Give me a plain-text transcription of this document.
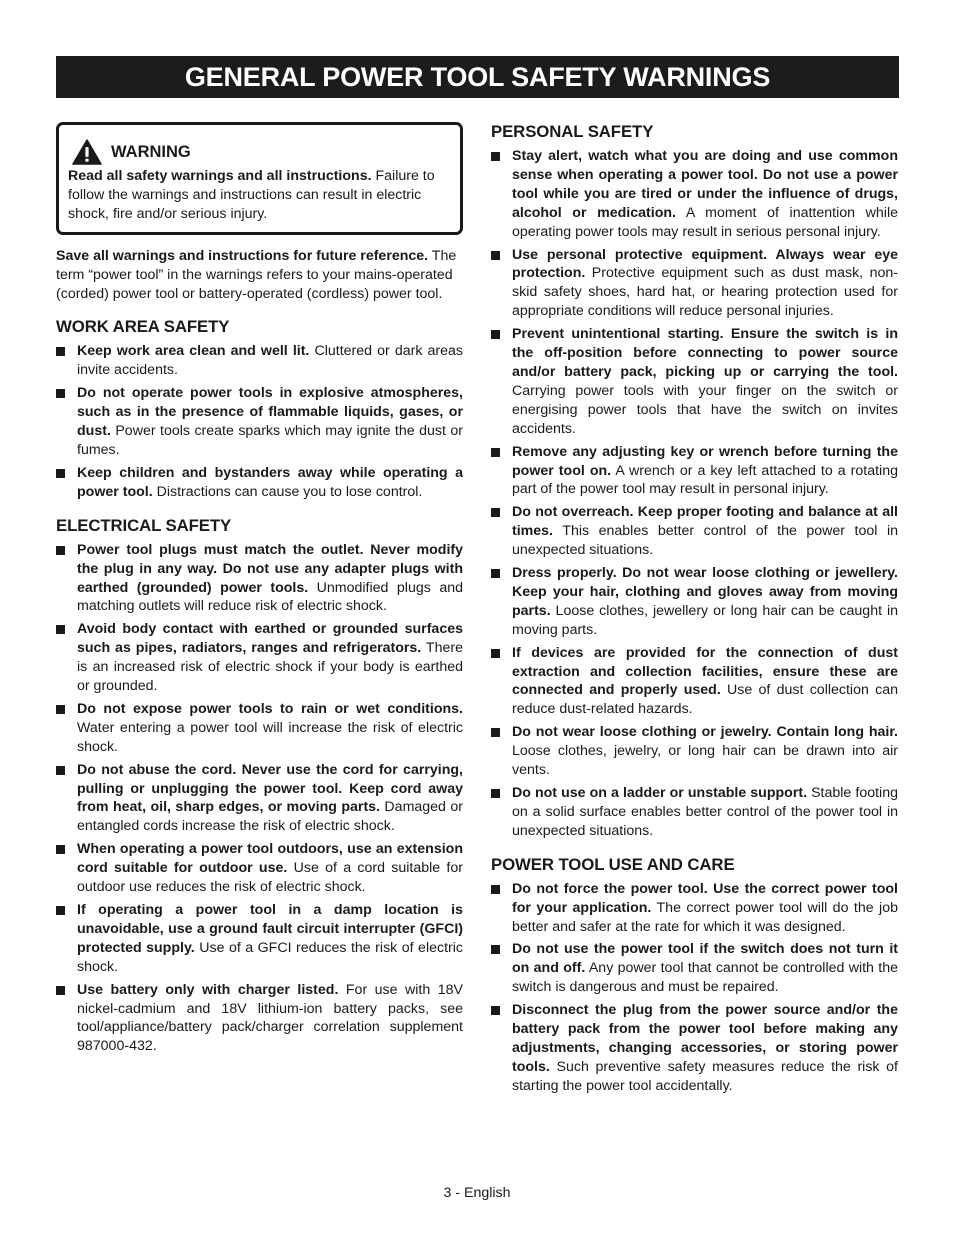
GENERAL POWER TOOL SAFETY WARNINGS
WARNING

Read all safety warnings and all instructions. Failure to follow the warnings and instructions can result in electric shock, fire and/or serious injury.

Save all warnings and instructions for future reference. The term “power tool” in the warnings refers to your mains-operated (corded) power tool or battery-operated (cordless) power tool.

WORK AREA SAFETY
Keep work area clean and well lit. Cluttered or dark areas invite accidents.
Do not operate power tools in explosive atmospheres, such as in the presence of flammable liquids, gases, or dust. Power tools create sparks which may ignite the dust or fumes.
Keep children and bystanders away while operating a power tool. Distractions can cause you to lose control.
ELECTRICAL SAFETY
Power tool plugs must match the outlet. Never modify the plug in any way. Do not use any adapter plugs with earthed (grounded) power tools. Unmodified plugs and matching outlets will reduce risk of electric shock.
Avoid body contact with earthed or grounded surfaces such as pipes, radiators, ranges and refrigerators. There is an increased risk of electric shock if your body is earthed or grounded.
Do not expose power tools to rain or wet conditions. Water entering a power tool will increase the risk of electric shock.
Do not abuse the cord. Never use the cord for carrying, pulling or unplugging the power tool. Keep cord away from heat, oil, sharp edges, or moving parts. Damaged or entangled cords increase the risk of electric shock.
When operating a power tool outdoors, use an extension cord suitable for outdoor use. Use of a cord suitable for outdoor use reduces the risk of electric shock.
If operating a power tool in a damp location is unavoidable, use a ground fault circuit interrupter (GFCI) protected supply. Use of a GFCI reduces the risk of electric shock.
Use battery only with charger listed. For use with 18V nickel-cadmium and 18V lithium-ion battery packs, see tool/appliance/battery pack/charger correlation supplement 987000-432.
PERSONAL SAFETY
Stay alert, watch what you are doing and use common sense when operating a power tool. Do not use a power tool while you are tired or under the influence of drugs, alcohol or medication. A moment of inattention while operating power tools may result in serious personal injury.
Use personal protective equipment. Always wear eye protection. Protective equipment such as dust mask, non-skid safety shoes, hard hat, or hearing protection used for appropriate conditions will reduce personal injuries.
Prevent unintentional starting. Ensure the switch is in the off-position before connecting to power source and/or battery pack, picking up or carrying the tool. Carrying power tools with your finger on the switch or energising power tools that have the switch on invites accidents.
Remove any adjusting key or wrench before turning the power tool on. A wrench or a key left attached to a rotating part of the power tool may result in personal injury.
Do not overreach. Keep proper footing and balance at all times. This enables better control of the power tool in unexpected situations.
Dress properly. Do not wear loose clothing or jewellery. Keep your hair, clothing and gloves away from moving parts. Loose clothes, jewellery or long hair can be caught in moving parts.
If devices are provided for the connection of dust extraction and collection facilities, ensure these are connected and properly used. Use of dust collection can reduce dust-related hazards.
Do not wear loose clothing or jewelry. Contain long hair. Loose clothes, jewelry, or long hair can be drawn into air vents.
Do not use on a ladder or unstable support. Stable footing on a solid surface enables better control of the power tool in unexpected situations.
POWER TOOL USE AND CARE
Do not force the power tool. Use the correct power tool for your application. The correct power tool will do the job better and safer at the rate for which it was designed.
Do not use the power tool if the switch does not turn it on and off. Any power tool that cannot be controlled with the switch is dangerous and must be repaired.
Disconnect the plug from the power source and/or the battery pack from the power tool before making any adjustments, changing accessories, or storing power tools. Such preventive safety measures reduce the risk of starting the power tool accidentally.
3 - English
